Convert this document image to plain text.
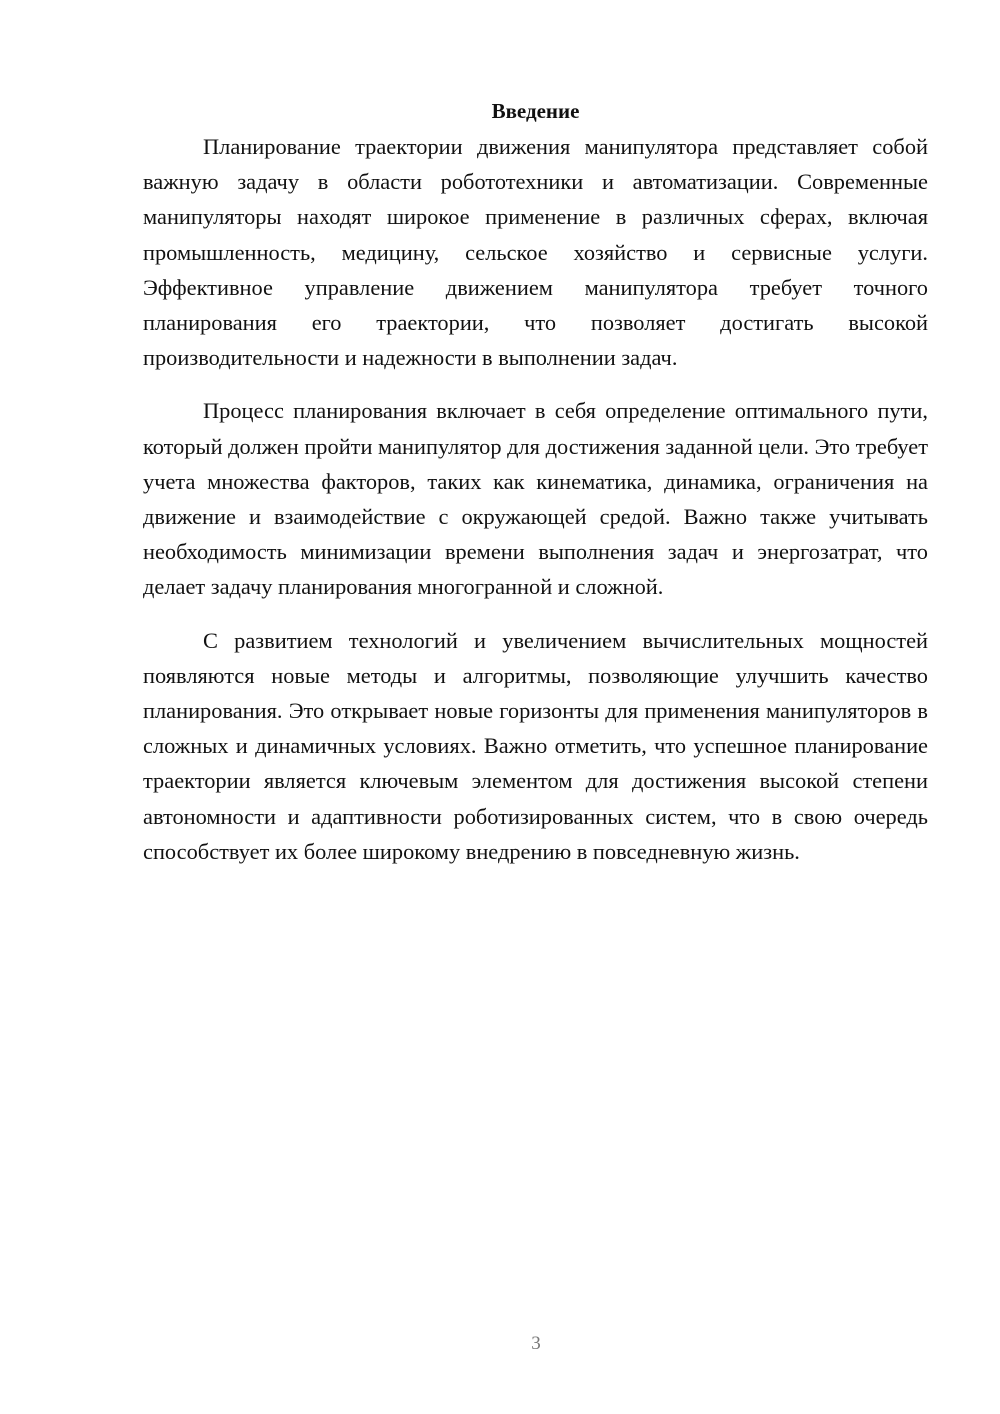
Введение

Планирование траектории движения манипулятора представляет собой важную задачу в области робототехники и автоматизации. Современные манипуляторы находят широкое применение в различных сферах, включая промышленность, медицину, сельское хозяйство и сервисные услуги. Эффективное управление движением манипулятора требует точного планирования его траектории, что позволяет достигать высокой производительности и надежности в выполнении задач.

Процесс планирования включает в себя определение оптимального пути, который должен пройти манипулятор для достижения заданной цели. Это требует учета множества факторов, таких как кинематика, динамика, ограничения на движение и взаимодействие с окружающей средой. Важно также учитывать необходимость минимизации времени выполнения задач и энергозатрат, что делает задачу планирования многогранной и сложной.

С развитием технологий и увеличением вычислительных мощностей появляются новые методы и алгоритмы, позволяющие улучшить качество планирования. Это открывает новые горизонты для применения манипуляторов в сложных и динамичных условиях. Важно отметить, что успешное планирование траектории является ключевым элементом для достижения высокой степени автономности и адаптивности роботизированных систем, что в свою очередь способствует их более широкому внедрению в повседневную жизнь.

3
